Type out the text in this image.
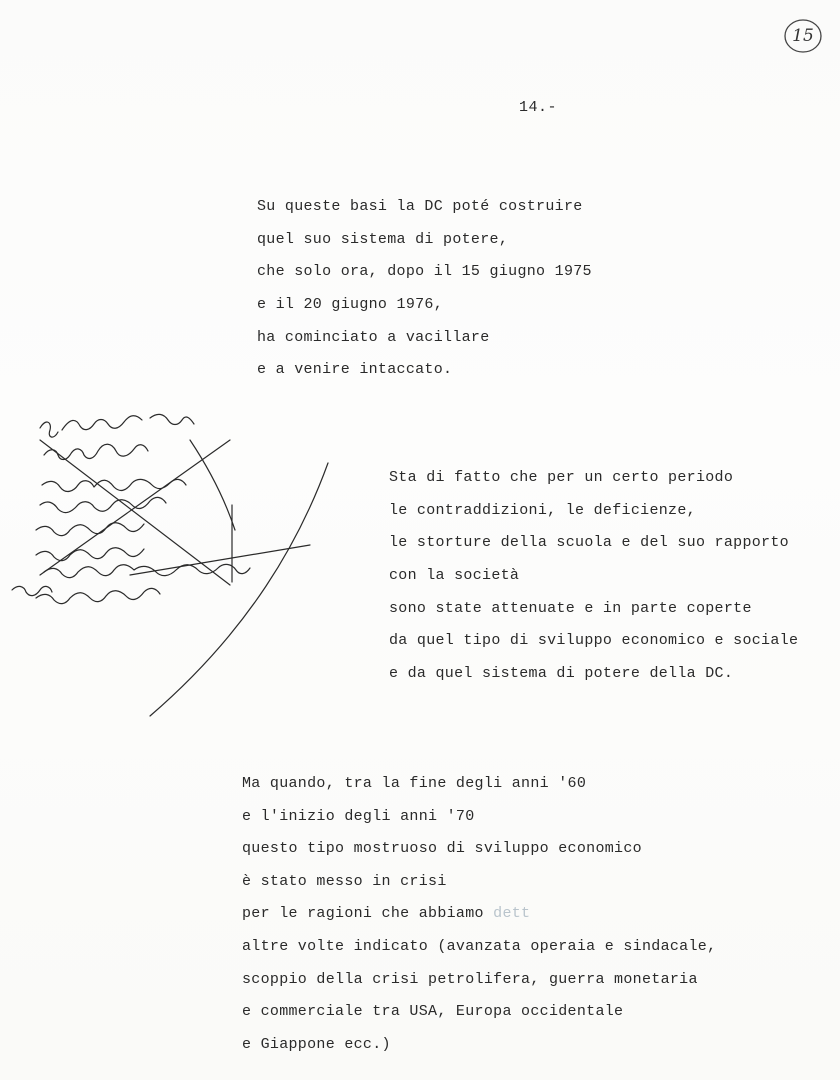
15
14.-
Su queste basi la DC poté costruire
quel suo sistema di potere,
che solo ora, dopo il 15 giugno 1975
e il 20 giugno 1976,
ha cominciato a vacillare
e a venire intaccato.
Sta di fatto che per un certo periodo
le contraddizioni, le deficienze,
le storture della scuola e del suo rapporto
con la società
sono state attenuate e in parte coperte
da quel tipo di sviluppo economico e sociale
e da quel sistema di potere della DC.
Ma quando, tra la fine degli anni '60
e l'inizio degli anni '70
questo tipo mostruoso di sviluppo economico
è stato messo in crisi
per le ragioni che abbiamo dett
altre volte indicato (avanzata operaia e sindacale,
scoppio della crisi petrolifera, guerra monetaria
e commerciale tra USA, Europa occidentale
e Giappone ecc.)
